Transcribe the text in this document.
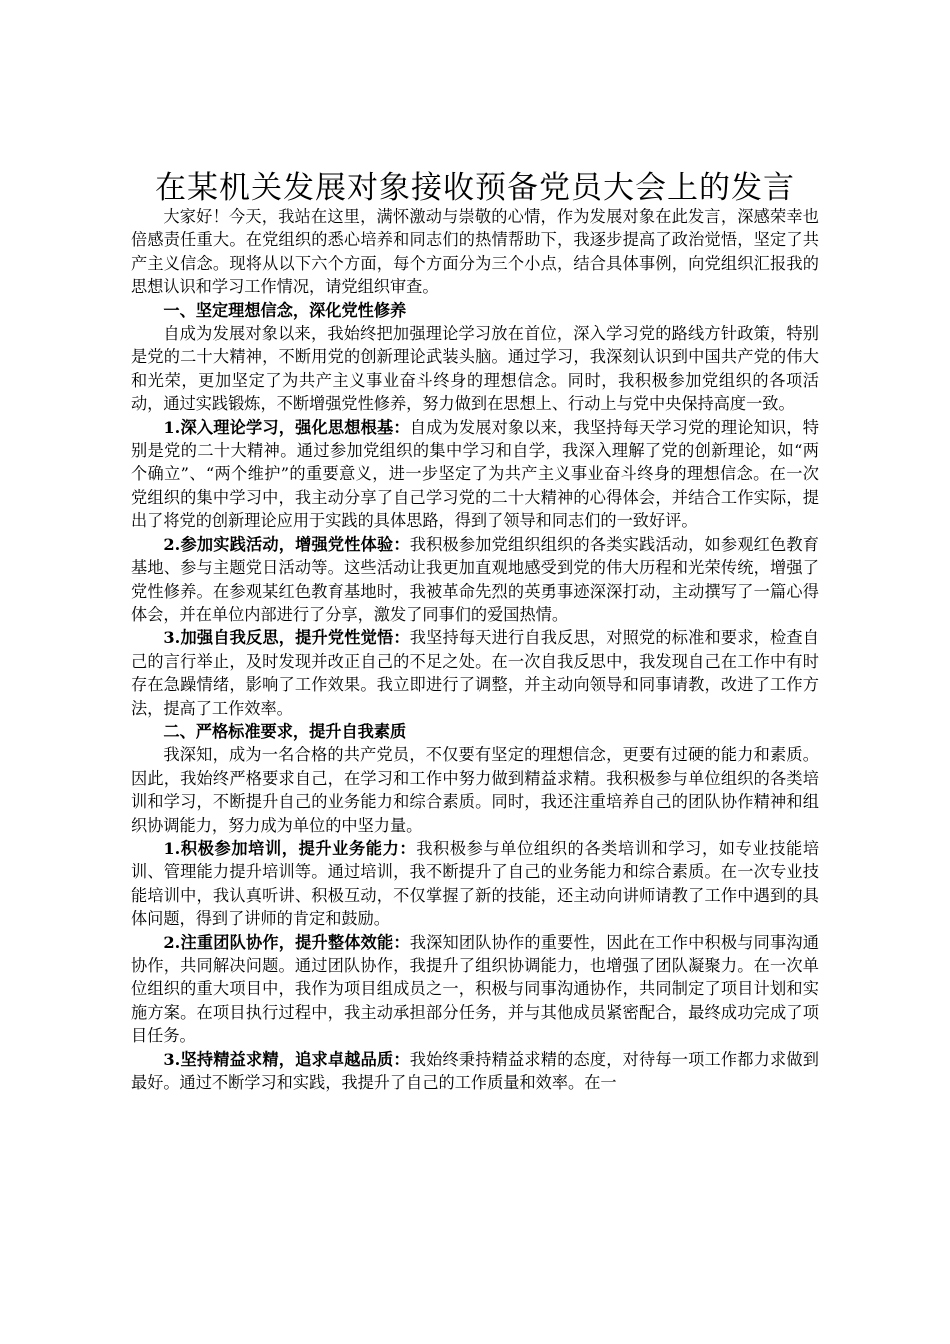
在某机关发展对象接收预备党员大会上的发言

大家好！今天，我站在这里，满怀激动与崇敬的心情，作为发展对象在此发言，深感荣幸也倍感责任重大。在党组织的悉心培养和同志们的热情帮助下，我逐步提高了政治觉悟，坚定了共产主义信念。现将从以下六个方面，每个方面分为三个小点，结合具体事例，向党组织汇报我的思想认识和学习工作情况，请党组织审查。

一、坚定理想信念，深化党性修养

自成为发展对象以来，我始终把加强理论学习放在首位，深入学习党的路线方针政策，特别是党的二十大精神，不断用党的创新理论武装头脑。通过学习，我深刻认识到中国共产党的伟大和光荣，更加坚定了为共产主义事业奋斗终身的理想信念。同时，我积极参加党组织的各项活动，通过实践锻炼，不断增强党性修养，努力做到在思想上、行动上与党中央保持高度一致。

1.深入理论学习，强化思想根基：自成为发展对象以来，我坚持每天学习党的理论知识，特别是党的二十大精神。通过参加党组织的集中学习和自学，我深入理解了党的创新理论，如“两个确立”、“两个维护”的重要意义，进一步坚定了为共产主义事业奋斗终身的理想信念。在一次党组织的集中学习中，我主动分享了自己学习党的二十大精神的心得体会，并结合工作实际，提出了将党的创新理论应用于实践的具体思路，得到了领导和同志们的一致好评。

2.参加实践活动，增强党性体验：我积极参加党组织组织的各类实践活动，如参观红色教育基地、参与主题党日活动等。这些活动让我更加直观地感受到党的伟大历程和光荣传统，增强了党性修养。在参观某红色教育基地时，我被革命先烈的英勇事迹深深打动，主动撰写了一篇心得体会，并在单位内部进行了分享，激发了同事们的爱国热情。

3.加强自我反思，提升党性觉悟：我坚持每天进行自我反思，对照党的标准和要求，检查自己的言行举止，及时发现并改正自己的不足之处。在一次自我反思中，我发现自己在工作中有时存在急躁情绪，影响了工作效果。我立即进行了调整，并主动向领导和同事请教，改进了工作方法，提高了工作效率。

二、严格标准要求，提升自我素质

我深知，成为一名合格的共产党员，不仅要有坚定的理想信念，更要有过硬的能力和素质。因此，我始终严格要求自己，在学习和工作中努力做到精益求精。我积极参与单位组织的各类培训和学习，不断提升自己的业务能力和综合素质。同时，我还注重培养自己的团队协作精神和组织协调能力，努力成为单位的中坚力量。

1.积极参加培训，提升业务能力：我积极参与单位组织的各类培训和学习，如专业技能培训、管理能力提升培训等。通过培训，我不断提升了自己的业务能力和综合素质。在一次专业技能培训中，我认真听讲、积极互动，不仅掌握了新的技能，还主动向讲师请教了工作中遇到的具体问题，得到了讲师的肯定和鼓励。

2.注重团队协作，提升整体效能：我深知团队协作的重要性，因此在工作中积极与同事沟通协作，共同解决问题。通过团队协作，我提升了组织协调能力，也增强了团队凝聚力。在一次单位组织的重大项目中，我作为项目组成员之一，积极与同事沟通协作，共同制定了项目计划和实施方案。在项目执行过程中，我主动承担部分任务，并与其他成员紧密配合，最终成功完成了项目任务。

3.坚持精益求精，追求卓越品质：我始终秉持精益求精的态度，对待每一项工作都力求做到最好。通过不断学习和实践，我提升了自己的工作质量和效率。在一
